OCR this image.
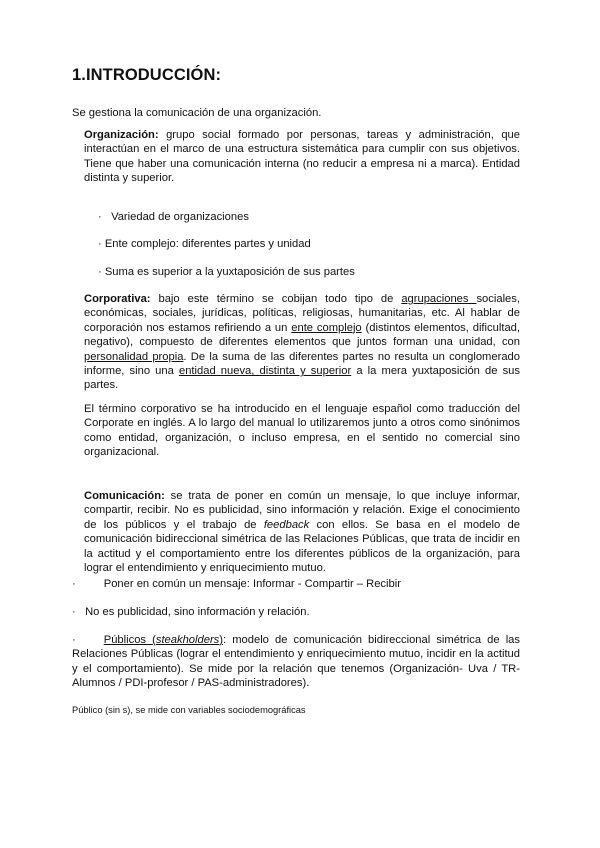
1.INTRODUCCIÓN:

Se gestiona la comunicación de una organización.

Organización: grupo social formado por personas, tareas y administración, que interactúan en el marco de una estructura sistemática para cumplir con sus objetivos. Tiene que haber una comunicación interna (no reducir a empresa ni a marca). Entidad distinta y superior.

· Variedad de organizaciones
· Ente complejo: diferentes partes y unidad
· Suma es superior a la yuxtaposición de sus partes

Corporativa: bajo este término se cobijan todo tipo de agrupaciones sociales, económicas, sociales, jurídicas, políticas, religiosas, humanitarias, etc. Al hablar de corporación nos estamos refiriendo a un ente complejo (distintos elementos, dificultad, negativo), compuesto de diferentes elementos que juntos forman una unidad, con personalidad propia. De la suma de las diferentes partes no resulta un conglomerado informe, sino una entidad nueva, distinta y superior a la mera yuxtaposición de sus partes.

El término corporativo se ha introducido en el lenguaje español como traducción del Corporate en inglés. A lo largo del manual lo utilizaremos junto a otros como sinónimos como entidad, organización, o incluso empresa, en el sentido no comercial sino organizacional.

Comunicación: se trata de poner en común un mensaje, lo que incluye informar, compartir, recibir. No es publicidad, sino información y relación. Exige el conocimiento de los públicos y el trabajo de feedback con ellos. Se basa en el modelo de comunicación bidireccional simétrica de las Relaciones Públicas, que trata de incidir en la actitud y el comportamiento entre los diferentes públicos de la organización, para lograr el entendimiento y enriquecimiento mutuo.

·	Poner en común un mensaje: Informar - Compartir – Recibir
· No es publicidad, sino información y relación.

·	Públicos (steakholders): modelo de comunicación bidireccional simétrica de las Relaciones Públicas (lograr el entendimiento y enriquecimiento mutuo, incidir en la actitud y el comportamiento). Se mide por la relación que tenemos (Organización- Uva / TR-Alumnos / PDI-profesor / PAS-administradores).

Público (sin s), se mide con variables sociodemográficas
